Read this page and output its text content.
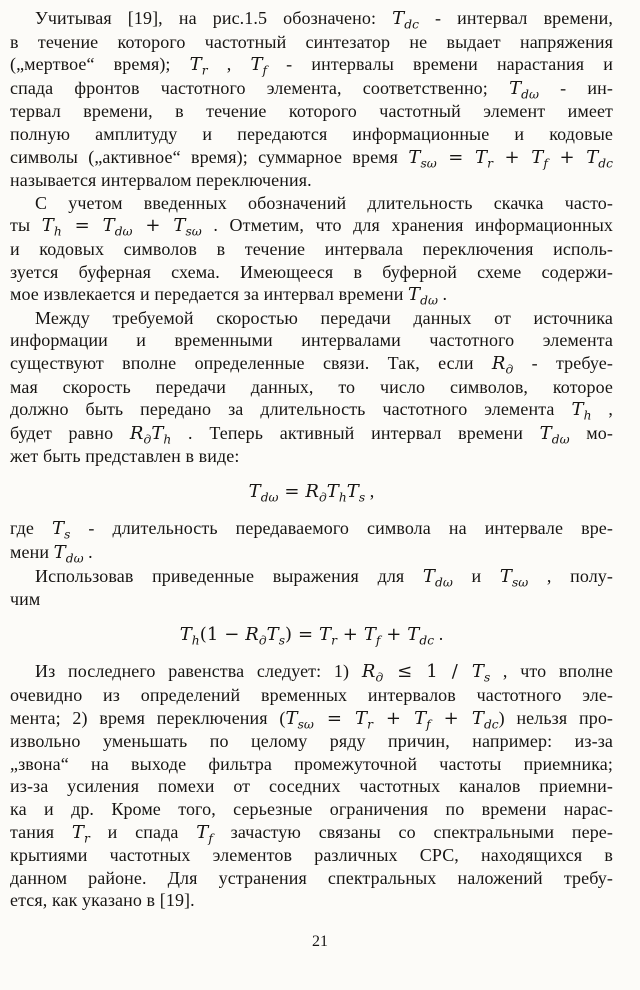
Учитывая [19], на рис.1.5 обозначено: $T_{dc}$ - интервал времени,
в течение которого частотный синтезатор не выдает напряжения
(„мертвое“ время); $T_r$ , $T_f$ - интервалы времени нарастания и
спада фронтов частотного элемента, соответственно; $T_{d\omega} - ин-$
тервал времени, в течение которого частотный элемент имеет
полную амплитуду и передаются информационные и кодовые
символы („активное“ время); суммарное время $T_{s\omega} = T_r + T_f + T_{dc}$
называется интервалом переключения.
С учетом введенных обозначений длительность скачка часто-
ты $T_h = T_{d\omega} + T_{s\omega}$ . Отметим, что для хранения информационных
и кодовых символов в течение интервала переключения исполь-
зуется буферная схема. Имеющееся в буферной схеме содержи-
мое извлекается и передается за интервал времени $T_{d\omega}$ .
Между требуемой скоростью передачи данных от источника
информации и временными интервалами частотного элемента
существуют вполне определенные связи. Так, если $R_д$ - требуе-
мая скорость передачи данных, то число символов, которое
должно быть передано за длительность частотного элемента $T_h$ ,
будет равно $R_дT_h$ . Теперь активный интервал времени $T_{d\omega}$ мо-
жет быть представлен в виде:
$T_{d\omega} = R_дT_hT_s$ ,
где $T_s$ - длительность передаваемого символа на интервале вре-
мени $T_{d\omega}$ .
Использовав приведенные выражения для $T_{d\omega}$ и $T_{s\omega}$ , полу-
чим
$T_h(1 - R_дT_s) = T_r + T_f + T_{dc}$ .
Из последнего равенства следует: 1) $R_д \le 1 / T_s$ , что вполне
очевидно из определений временных интервалов частотного эле-
мента; 2) время переключения $(T_{s\omega} = T_r + T_f + T_{dc})$ нельзя про-
извольно уменьшать по целому ряду причин, например: из-за
„звона“ на выходе фильтра промежуточной частоты приемника;
из-за усиления помехи от соседних частотных каналов приемни-
ка и др. Кроме того, серьезные ограничения по времени нарас-
тания $T_r$ и спада $T_f$ зачастую связаны со спектральными пере-
крытиями частотных элементов различных СРС, находящихся в
данном районе. Для устранения спектральных наложений требу-
ется, как указано в [19].
21
